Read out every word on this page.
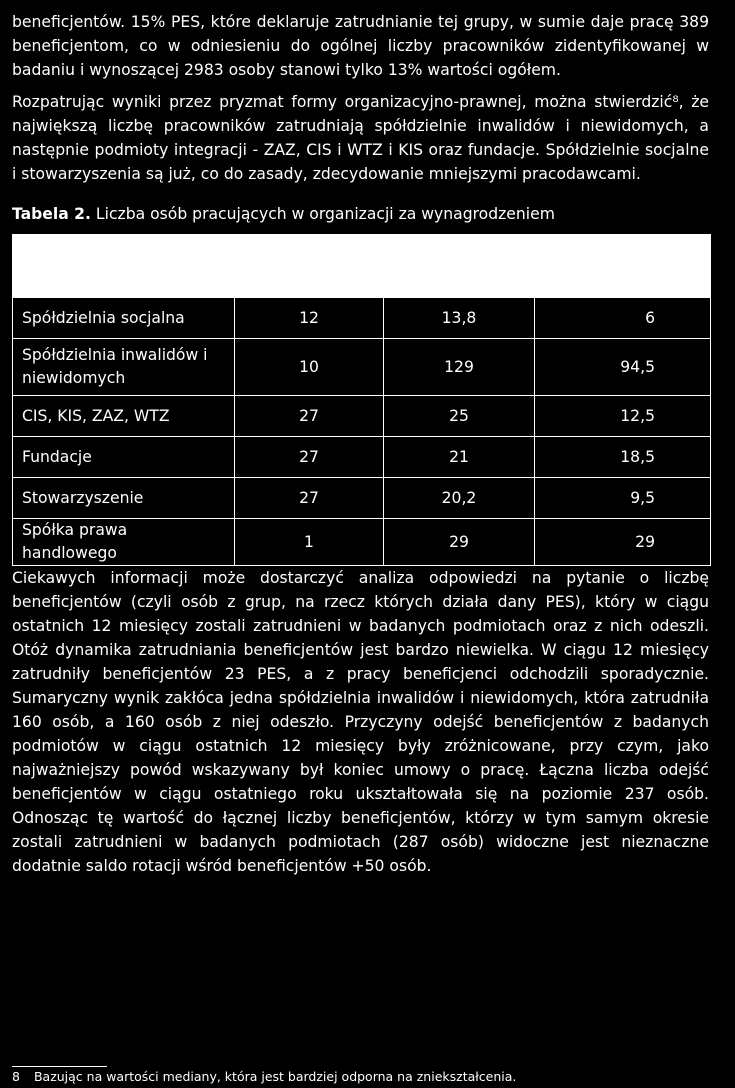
beneficjentów. 15% PES, które deklaruje zatrudnianie tej grupy, w sumie daje pracę 389 beneficjentom, co w odniesieniu do ogólnej liczby pracowników zidentyfikowanej w badaniu i wynoszącej 2983 osoby stanowi tylko 13% wartości ogółem.

Rozpatrując wyniki przez pryzmat formy organizacyjno-prawnej, można stwierdzić⁸, że największą liczbę pracowników zatrudniają spółdzielnie inwalidów i niewidomych, a następnie podmioty integracji - ZAZ, CIS i WTZ i KIS oraz fundacje. Spółdzielnie socjalne i stowarzyszenia są już, co do zasady, zdecydowanie mniejszymi pracodawcami.

Tabela 2. Liczba osób pracujących w organizacji za wynagrodzeniem

Spółdzielnia socjalna	12	13,8	6
Spółdzielnia inwalidów i niewidomych	10	129	94,5
CIS, KIS, ZAZ, WTZ	27	25	12,5
Fundacje	27	21	18,5
Stowarzyszenie	27	20,2	9,5
Spółka prawa handlowego	1	29	29

Ciekawych informacji może dostarczyć analiza odpowiedzi na pytanie o liczbę beneficjentów (czyli osób z grup, na rzecz których działa dany PES), który w ciągu ostatnich 12 miesięcy zostali zatrudnieni w badanych podmiotach oraz z nich odeszli. Otóż dynamika zatrudniania beneficjentów jest bardzo niewielka. W ciągu 12 miesięcy zatrudniły beneficjentów 23 PES, a z pracy beneficjenci odchodzili sporadycznie. Sumaryczny wynik zakłóca jedna spółdzielnia inwalidów i niewidomych, która zatrudniła 160 osób, a 160 osób z niej odeszło. Przyczyny odejść beneficjentów z badanych podmiotów w ciągu ostatnich 12 miesięcy były zróżnicowane, przy czym, jako najważniejszy powód wskazywany był koniec umowy o pracę. Łączna liczba odejść beneficjentów w ciągu ostatniego roku ukształtowała się na poziomie 237 osób. Odnosząc tę wartość do łącznej liczby beneficjentów, którzy w tym samym okresie zostali zatrudnieni w badanych podmiotach (287 osób) widoczne jest nieznaczne dodatnie saldo rotacji wśród beneficjentów +50 osób.

8 Bazując na wartości mediany, która jest bardziej odporna na zniekształcenia.
